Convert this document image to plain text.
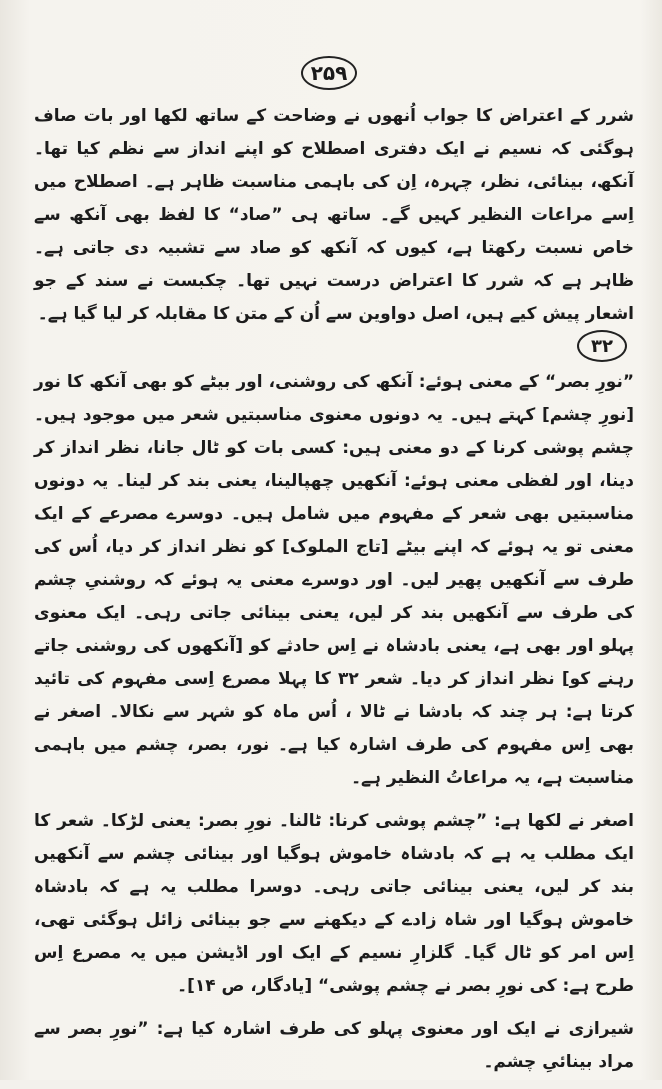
۲۵۹

شرر کے اعتراض کا جواب اُنھوں نے وضاحت کے ساتھ لکھا اور بات صاف ہوگئی کہ نسیم نے ایک دفتری اصطلاح کو اپنے انداز سے نظم کیا تھا۔ آنکھ، بینائی، نظر، چہرہ، اِن کی باہمی مناسبت ظاہر ہے۔ اصطلاح میں اِسے مراعات النظیر کہیں گے۔ ساتھ ہی ”صاد“ کا لفظ بھی آنکھ سے خاص نسبت رکھتا ہے، کیوں کہ آنکھ کو صاد سے تشبیہ دی جاتی ہے۔ ظاہر ہے کہ شرر کا اعتراض درست نہیں تھا۔ چکبست نے سند کے جو اشعار پیش کیے ہیں، اصل دواوین سے اُن کے متن کا مقابلہ کر لیا گیا ہے۔

۳۲

”نورِ بصر“ کے معنی ہوئے: آنکھ کی روشنی، اور بیٹے کو بھی آنکھ کا نور [نورِ چشم] کہتے ہیں۔ یہ دونوں معنوی مناسبتیں شعر میں موجود ہیں۔ چشم پوشی کرنا کے دو معنی ہیں: کسی بات کو ٹال جانا، نظر انداز کر دینا، اور لفظی معنی ہوئے: آنکھیں چھپالینا، یعنی بند کر لینا۔ یہ دونوں مناسبتیں بھی شعر کے مفہوم میں شامل ہیں۔ دوسرے مصرعے کے ایک معنی تو یہ ہوئے کہ اپنے بیٹے [تاج الملوک] کو نظر انداز کر دیا، اُس کی طرف سے آنکھیں پھیر لیں۔ اور دوسرے معنی یہ ہوئے کہ روشنیِ چشم کی طرف سے آنکھیں بند کر لیں، یعنی بینائی جاتی رہی۔ ایک معنوی پہلو اور بھی ہے، یعنی بادشاہ نے اِس حادثے کو [آنکھوں کی روشنی جاتے رہنے کو] نظر انداز کر دیا۔ شعر ۳۲ کا پہلا مصرع اِسی مفہوم کی تائید کرتا ہے: ہر چند کہ بادشا نے ٹالا ، اُس ماہ کو شہر سے نکالا۔ اصغر نے بھی اِس مفہوم کی طرف اشارہ کیا ہے۔ نور، بصر، چشم میں باہمی مناسبت ہے، یہ مراعاتُ النظیر ہے۔

اصغر نے لکھا ہے: ”چشم پوشی کرنا: ٹالنا۔ نورِ بصر: یعنی لڑکا۔ شعر کا ایک مطلب یہ ہے کہ بادشاہ خاموش ہوگیا اور بینائی چشم سے آنکھیں بند کر لیں، یعنی بینائی جاتی رہی۔ دوسرا مطلب یہ ہے کہ بادشاہ خاموش ہوگیا اور شاہ زادے کے دیکھنے سے جو بینائی زائل ہوگئی تھی، اِس امر کو ٹال گیا۔ گلزارِ نسیم کے ایک اور اڈیشن میں یہ مصرع اِس طرح ہے: کی نورِ بصر نے چشم پوشی“ [یادگار، ص ۱۴]۔

شیرازی نے ایک اور معنوی پہلو کی طرف اشارہ کیا ہے: ”نورِ بصر سے مراد بینائیِ چشم۔
